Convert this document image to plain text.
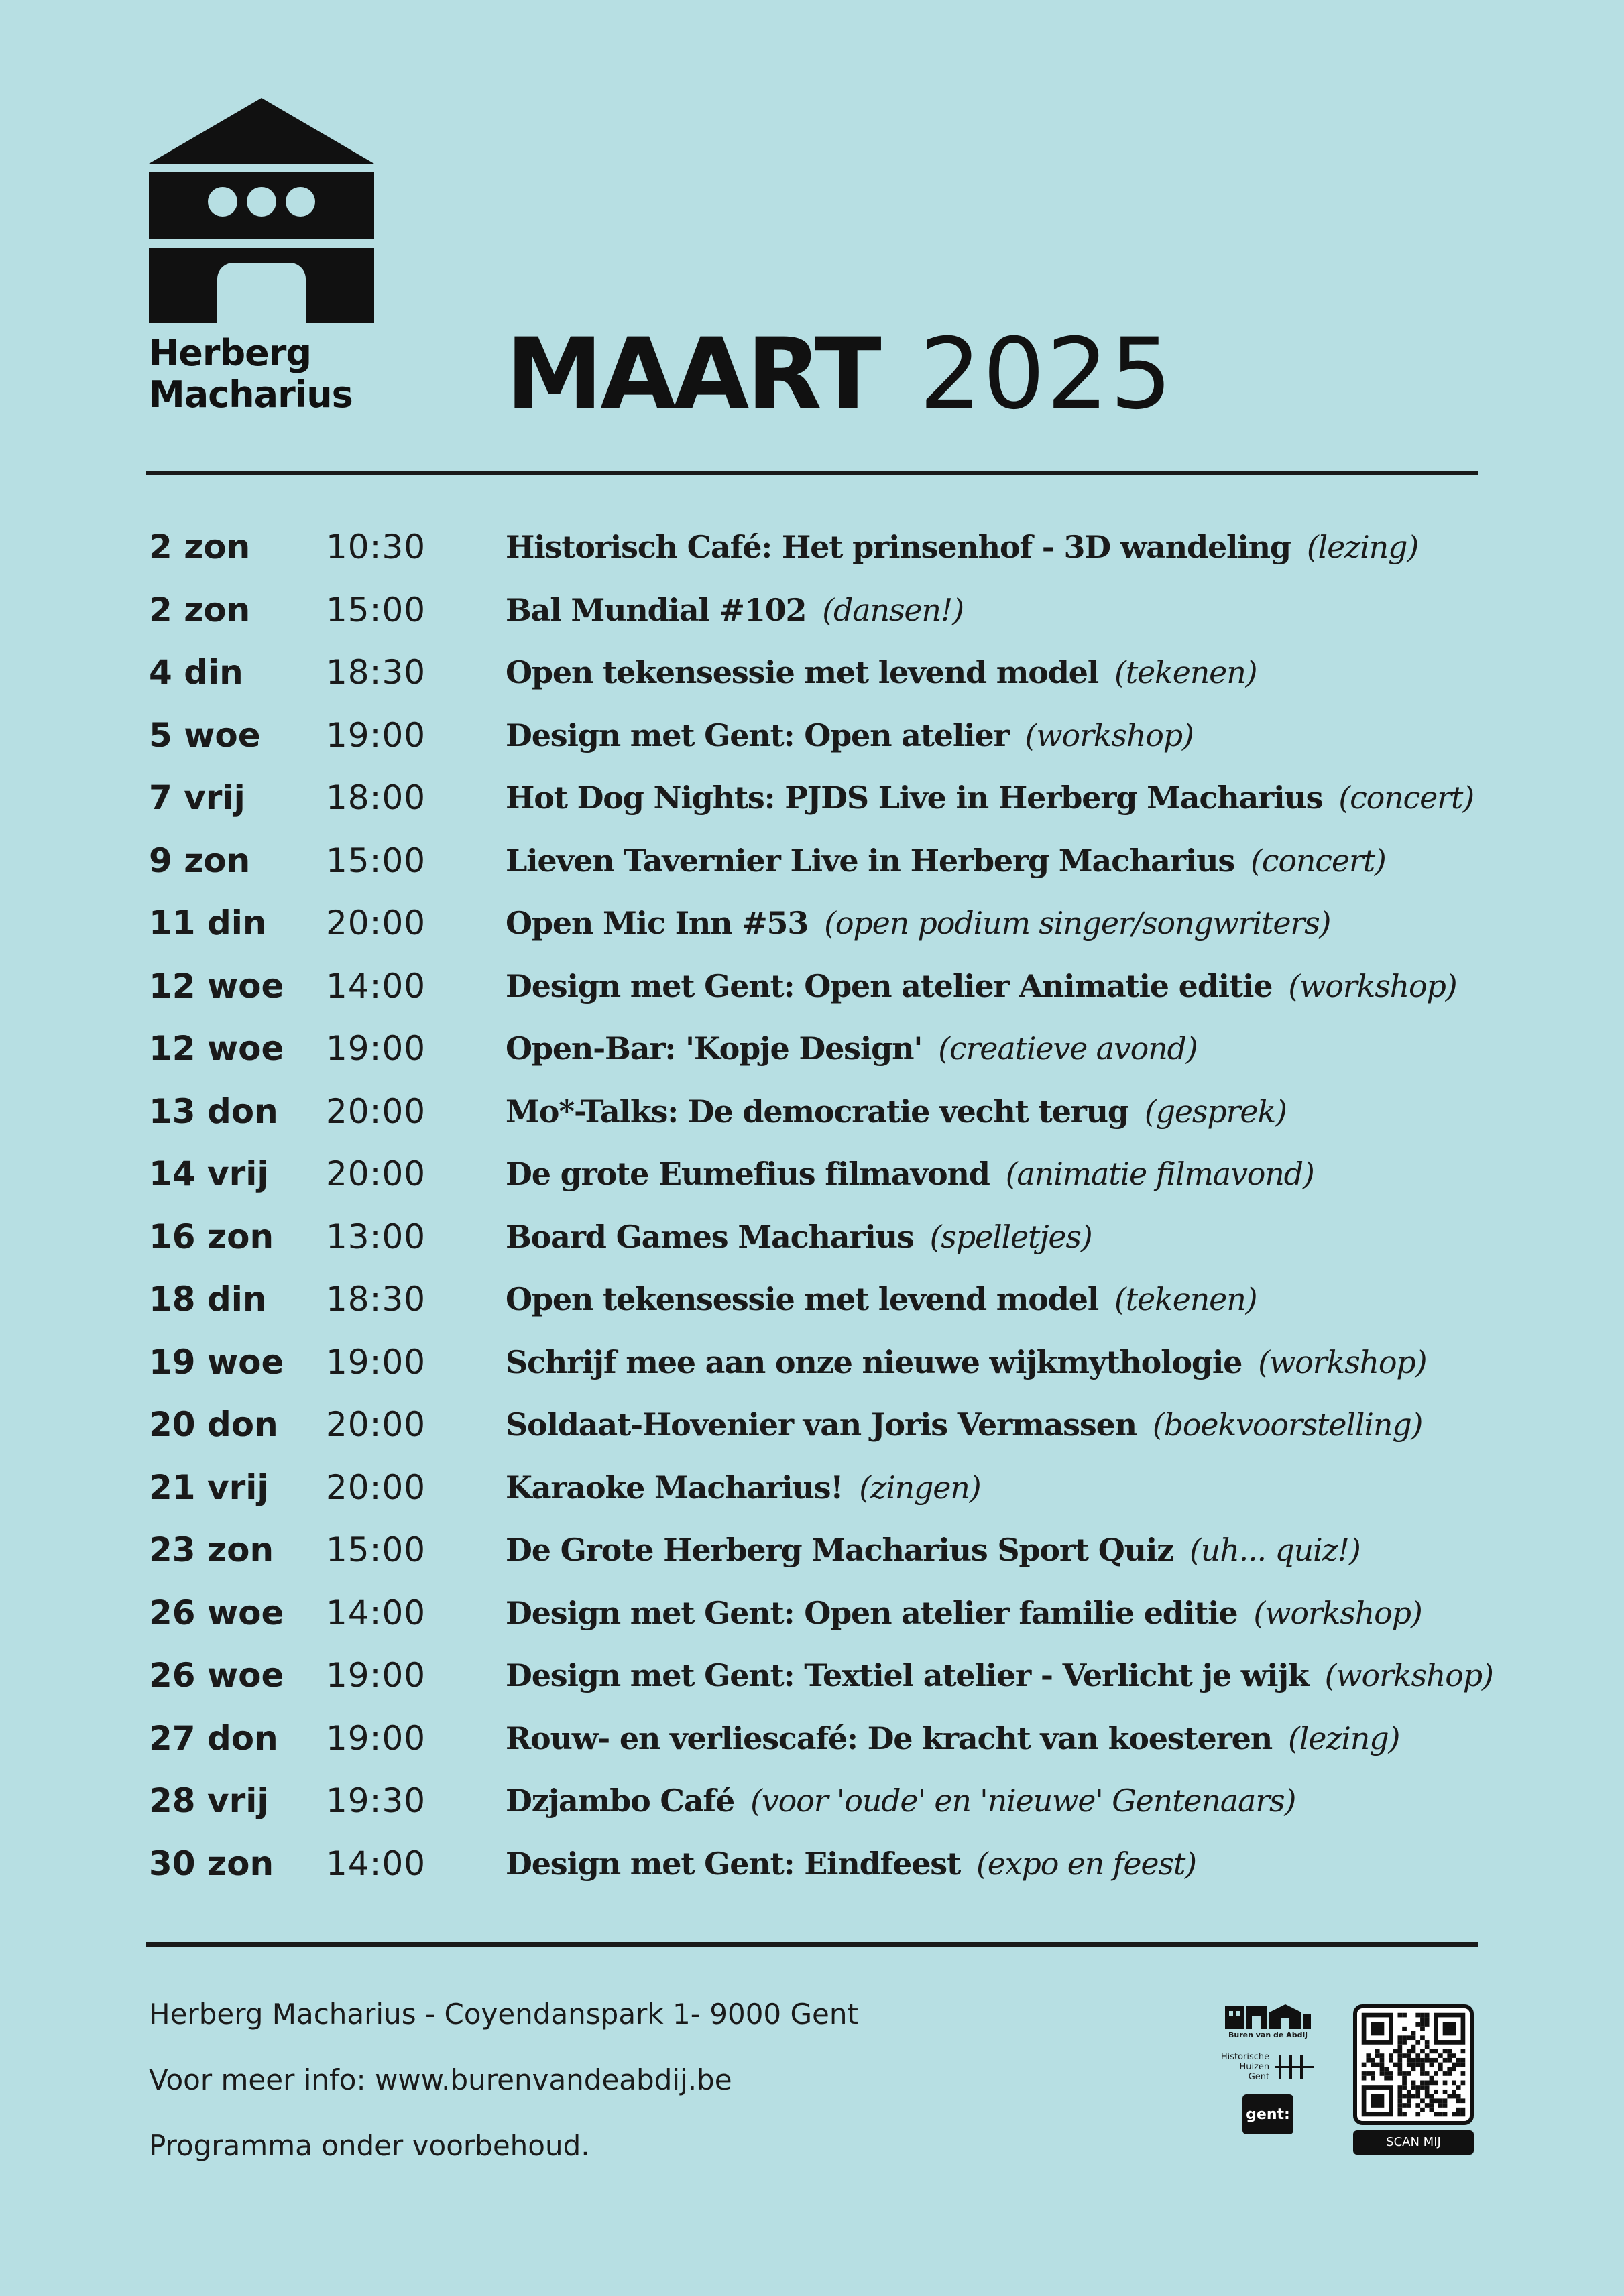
Herberg
Macharius MAART 2025
2 zon 10:30	Historisch Café: Het prinsenhof - 3D wandeling (lezing)
2 zon 15:00	Bal Mundial #102 (dansen!)
4 din 18:30	Open tekensessie met levend model (tekenen)
5 woe 19:00	Design met Gent: Open atelier (workshop)
7 vrij 18:00	Hot Dog Nights: PJDS Live in Herberg Macharius (concert)
9 zon 15:00	Lieven Tavernier Live in Herberg Macharius (concert)
11 din 20:00	Open Mic Inn #53 (open podium singer/songwriters)
12 woe 14:00	Design met Gent: Open atelier Animatie editie (workshop)
12 woe 19:00	Open-Bar: 'Kopje Design' (creatieve avond)
13 don 20:00	Mo*-Talks: De democratie vecht terug (gesprek)
14 vrij 20:00	De grote Eumefius filmavond (animatie filmavond)
16 zon 13:00	Board Games Macharius (spelletjes)
18 din 18:30	Open tekensessie met levend model (tekenen)
19 woe 19:00	Schrijf mee aan onze nieuwe wijkmythologie (workshop)
20 don 20:00	Soldaat-Hovenier van Joris Vermassen (boekvoorstelling)
21 vrij 20:00	Karaoke Macharius! (zingen)
23 zon 15:00	De Grote Herberg Macharius Sport Quiz (uh... quiz!)
26 woe 14:00	Design met Gent: Open atelier familie editie (workshop)
26 woe 19:00	Design met Gent: Textiel atelier - Verlicht je wijk (workshop)
27 don 19:00	Rouw- en verliescafé: De kracht van koesteren (lezing)
28 vrij 19:30	Dzjambo Café (voor 'oude' en 'nieuwe' Gentenaars)
30 zon 14:00	Design met Gent: Eindfeest (expo en feest)
Herberg Macharius - Coyendanspark 1- 9000 Gent
Voor meer info: www.burenvandeabdij.be
Programma onder voorbehoud.
Buren van de Abdij
Historische
Huizen
Gent
gent:
SCAN MIJ
